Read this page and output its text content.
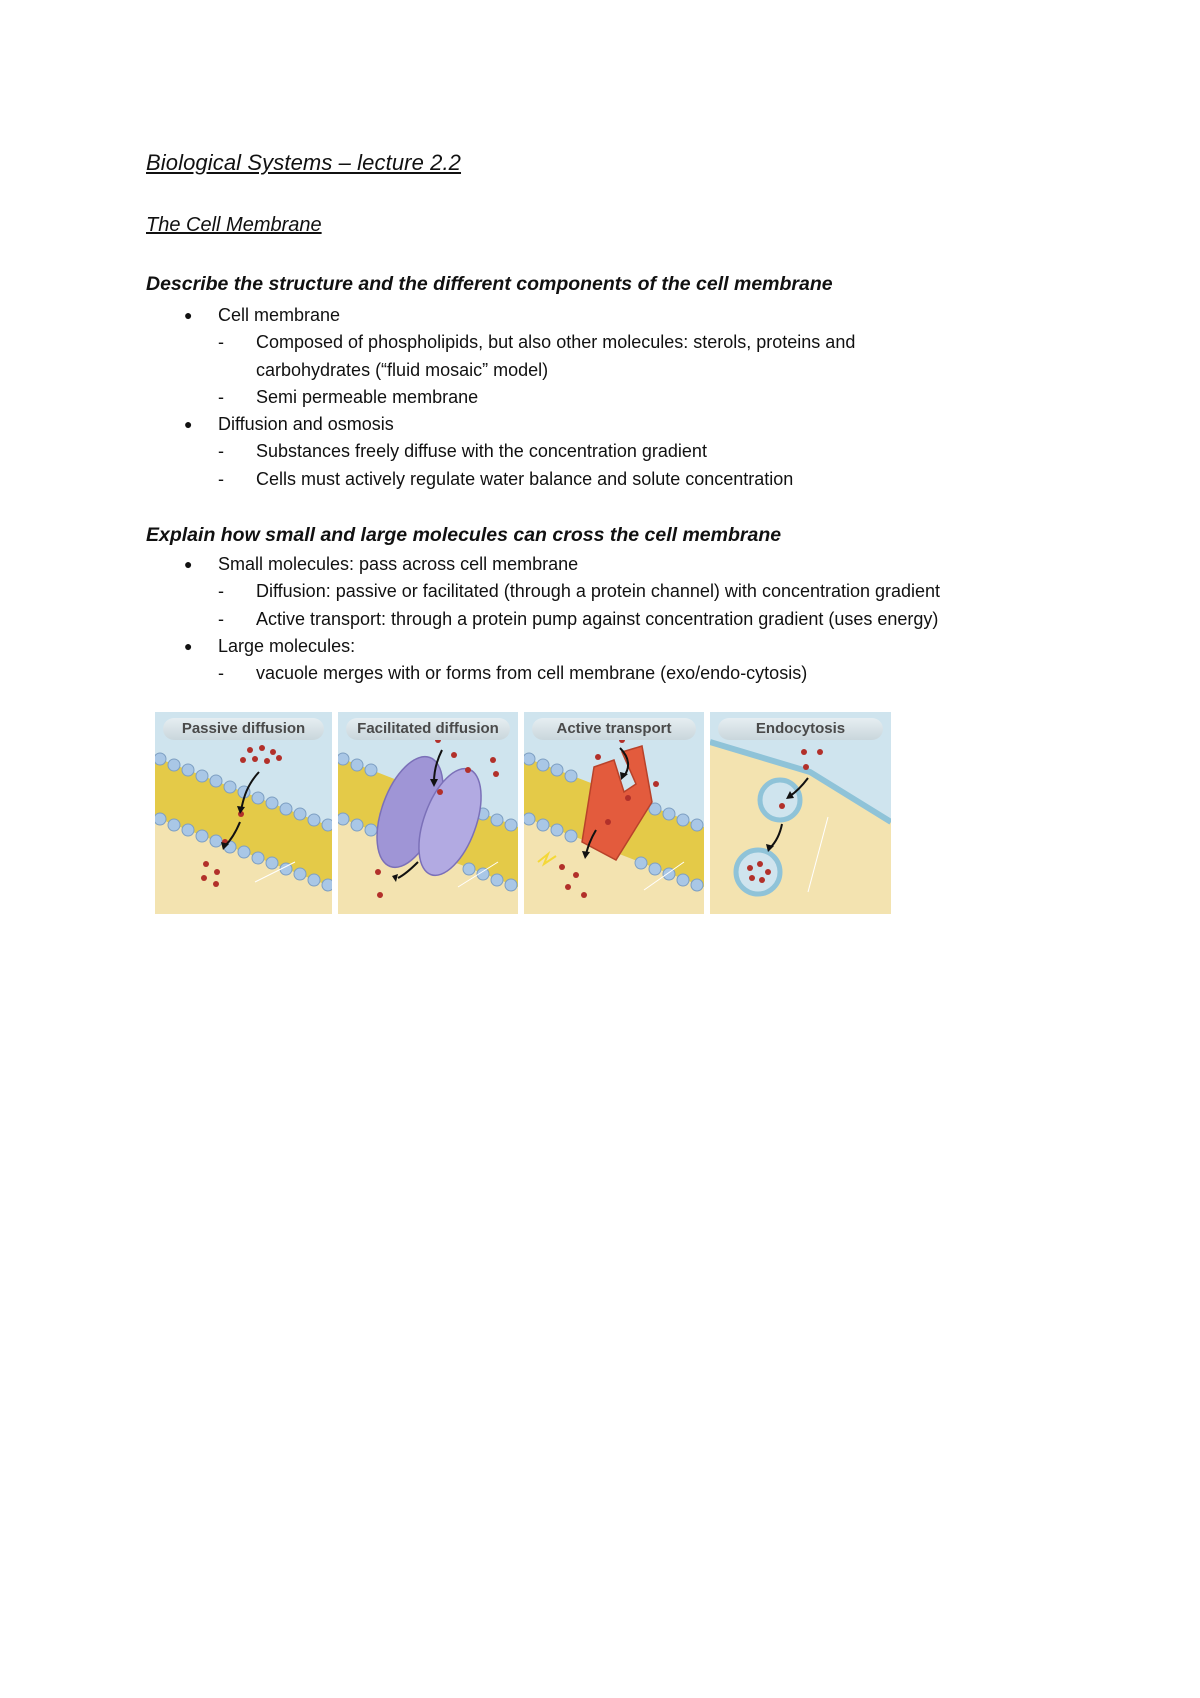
Biological Systems – lecture 2.2
The Cell Membrane
Describe the structure and the different components of the cell membrane
● Cell membrane
- Composed of phospholipids, but also other molecules: sterols, proteins and
carbohydrates (“fluid mosaic” model)
- Semi permeable membrane
● Diffusion and osmosis
- Substances freely diffuse with the concentration gradient
- Cells must actively regulate water balance and solute concentration
Explain how small and large molecules can cross the cell membrane
● Small molecules: pass across cell membrane
- Diffusion: passive or facilitated (through a protein channel) with concentration gradient
- Active transport: through a protein pump against concentration gradient (uses energy)
● Large molecules:
- vacuole merges with or forms from cell membrane (exo/endo-cytosis)
Passive diffusion	Facilitated diffusion	Active transport	Endocytosis
